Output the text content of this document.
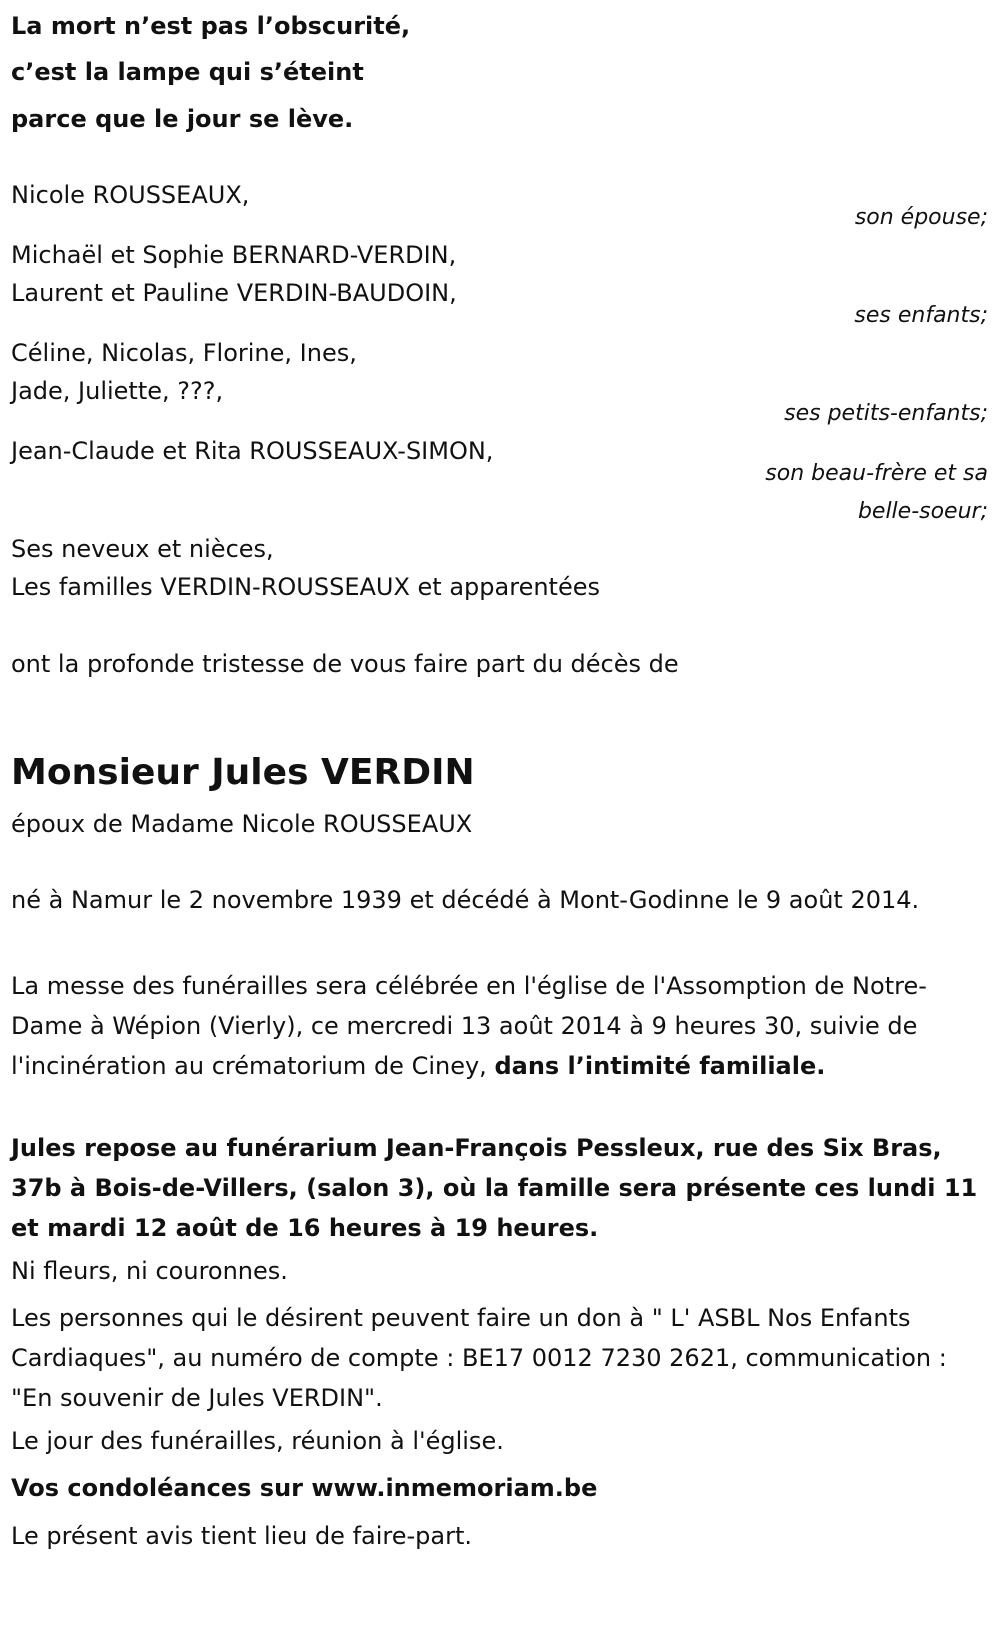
La mort n’est pas l’obscurité,
c’est la lampe qui s’éteint
parce que le jour se lève.
Nicole ROUSSEAUX,
son épouse;
Michaël et Sophie BERNARD-VERDIN,
Laurent et Pauline VERDIN-BAUDOIN,
ses enfants;
Céline, Nicolas, Florine, Ines,
Jade, Juliette, ???,
ses petits-enfants;
Jean-Claude et Rita ROUSSEAUX-SIMON,
son beau-frère et sa
belle-soeur;
Ses neveux et nièces,
Les familles VERDIN-ROUSSEAUX et apparentées
ont la profonde tristesse de vous faire part du décès de
Monsieur Jules VERDIN
époux de Madame Nicole ROUSSEAUX
né à Namur le 2 novembre 1939 et décédé à Mont-Godinne le 9 août 2014.
La messe des funérailles sera célébrée en l'église de l'Assomption de Notre-Dame à Wépion (Vierly), ce mercredi 13 août 2014 à 9 heures 30, suivie de l'incinération au crématorium de Ciney, dans l’intimité familiale.
Jules repose au funérarium Jean-François Pessleux, rue des Six Bras, 37b à Bois-de-Villers, (salon 3), où la famille sera présente ces lundi 11 et mardi 12 août de 16 heures à 19 heures.
Ni fleurs, ni couronnes.
Les personnes qui le désirent peuvent faire un don à " L' ASBL Nos Enfants Cardiaques", au numéro de compte : BE17 0012 7230 2621, communication : "En souvenir de Jules VERDIN".
Le jour des funérailles, réunion à l'église.
Vos condoléances sur www.inmemoriam.be
Le présent avis tient lieu de faire-part.
